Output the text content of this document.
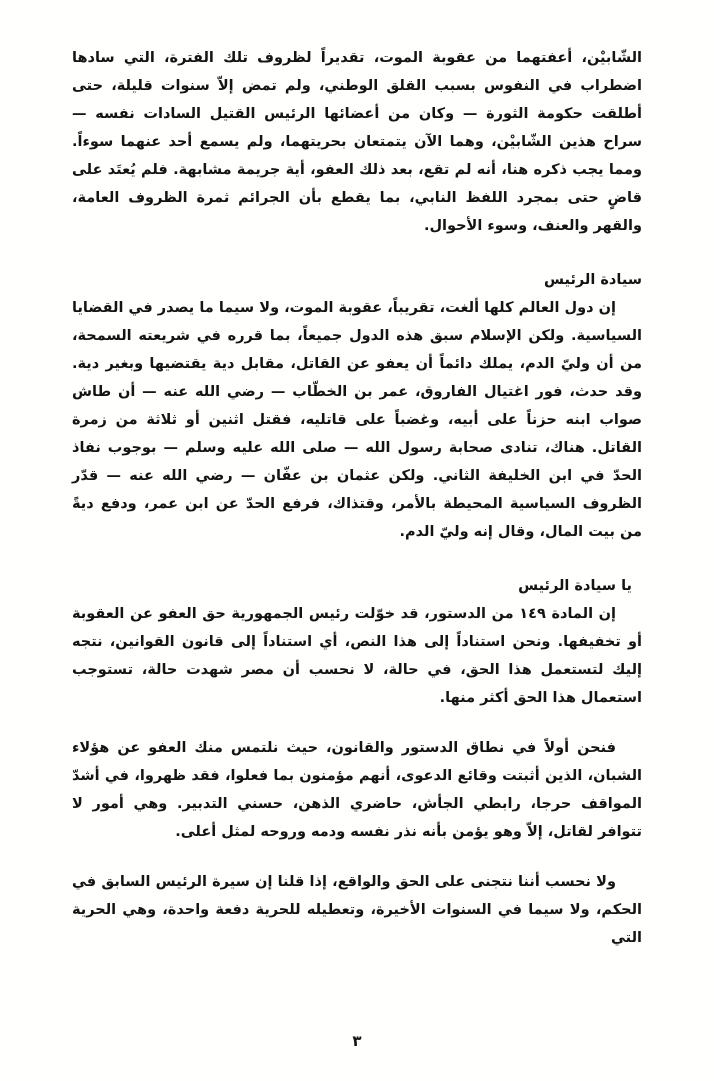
الشّابيْن، أعفتهما من عقوبة الموت، تقديراً لظروف تلك الفترة، التي سادها اضطراب في النفوس بسبب القلق الوطني، ولم تمض إلاّ سنوات قليلة، حتى أطلقت حكومة الثورة — وكان من أعضائها الرئيس القتيل السادات نفسه — سراح هذين الشّابيْن، وهما الآن يتمتعان بحريتهما، ولم يسمع أحد عنهما سوءاً. ومما يجب ذكره هنا، أنه لم تقع، بعد ذلك العفو، أية جريمة مشابهة. فلم يُعتَد على قاضٍ حتى بمجرد اللفظ النابي، بما يقطع بأن الجرائم ثمرة الظروف العامة، والقهر والعنف، وسوء الأحوال.

سيادة الرئيس

إن دول العالم كلها ألغت، تقريباً، عقوبة الموت، ولا سيما ما يصدر في القضايا السياسية. ولكن الإسلام سبق هذه الدول جميعاً، بما قرره في شريعته السمحة، من أن وليّ الدم، يملك دائماً أن يعفو عن القاتل، مقابل دية يقتضيها وبغير دية. وقد حدث، فور اغتيال الفاروق، عمر بن الخطّاب — رضي الله عنه — أن طاش صواب ابنه حزناً على أبيه، وغضباً على قاتليه، فقتل اثنين أو ثلاثة من زمرة القاتل. هناك، تنادى صحابة رسول الله — صلى الله عليه وسلم — بوجوب نفاذ الحدّ في ابن الخليفة الثاني. ولكن عثمان بن عفّان — رضي الله عنه — قدّر الظروف السياسية المحيطة بالأمر، وقتذاك، فرفع الحدّ عن ابن عمر، ودفع ديةً من بيت المال، وقال إنه وليّ الدم.

يا سيادة الرئيس

إن المادة ١٤٩ من الدستور، قد خوّلت رئيس الجمهورية حق العفو عن العقوبة أو تخفيفها. ونحن استناداً إلى هذا النص، أي استناداً إلى قانون القوانين، نتجه إليك لتستعمل هذا الحق، في حالة، لا نحسب أن مصر شهدت حالة، تستوجب استعمال هذا الحق أكثر منها.

فنحن أولاً في نطاق الدستور والقانون، حيث نلتمس منك العفو عن هؤلاء الشبان، الذين أثبتت وقائع الدعوى، أنهم مؤمنون بما فعلوا، فقد ظهروا، في أشدّ المواقف حرجا، رابطي الجأش، حاضري الذهن، حسني التدبير. وهي أمور لا تتوافر لقاتل، إلاّ وهو يؤمن بأنه نذر نفسه ودمه وروحه لمثل أعلى.

ولا نحسب أننا نتجنى على الحق والواقع، إذا قلنا إن سيرة الرئيس السابق في الحكم، ولا سيما في السنوات الأخيرة، وتعطيله للحرية دفعة واحدة، وهي الحرية التي

٣
